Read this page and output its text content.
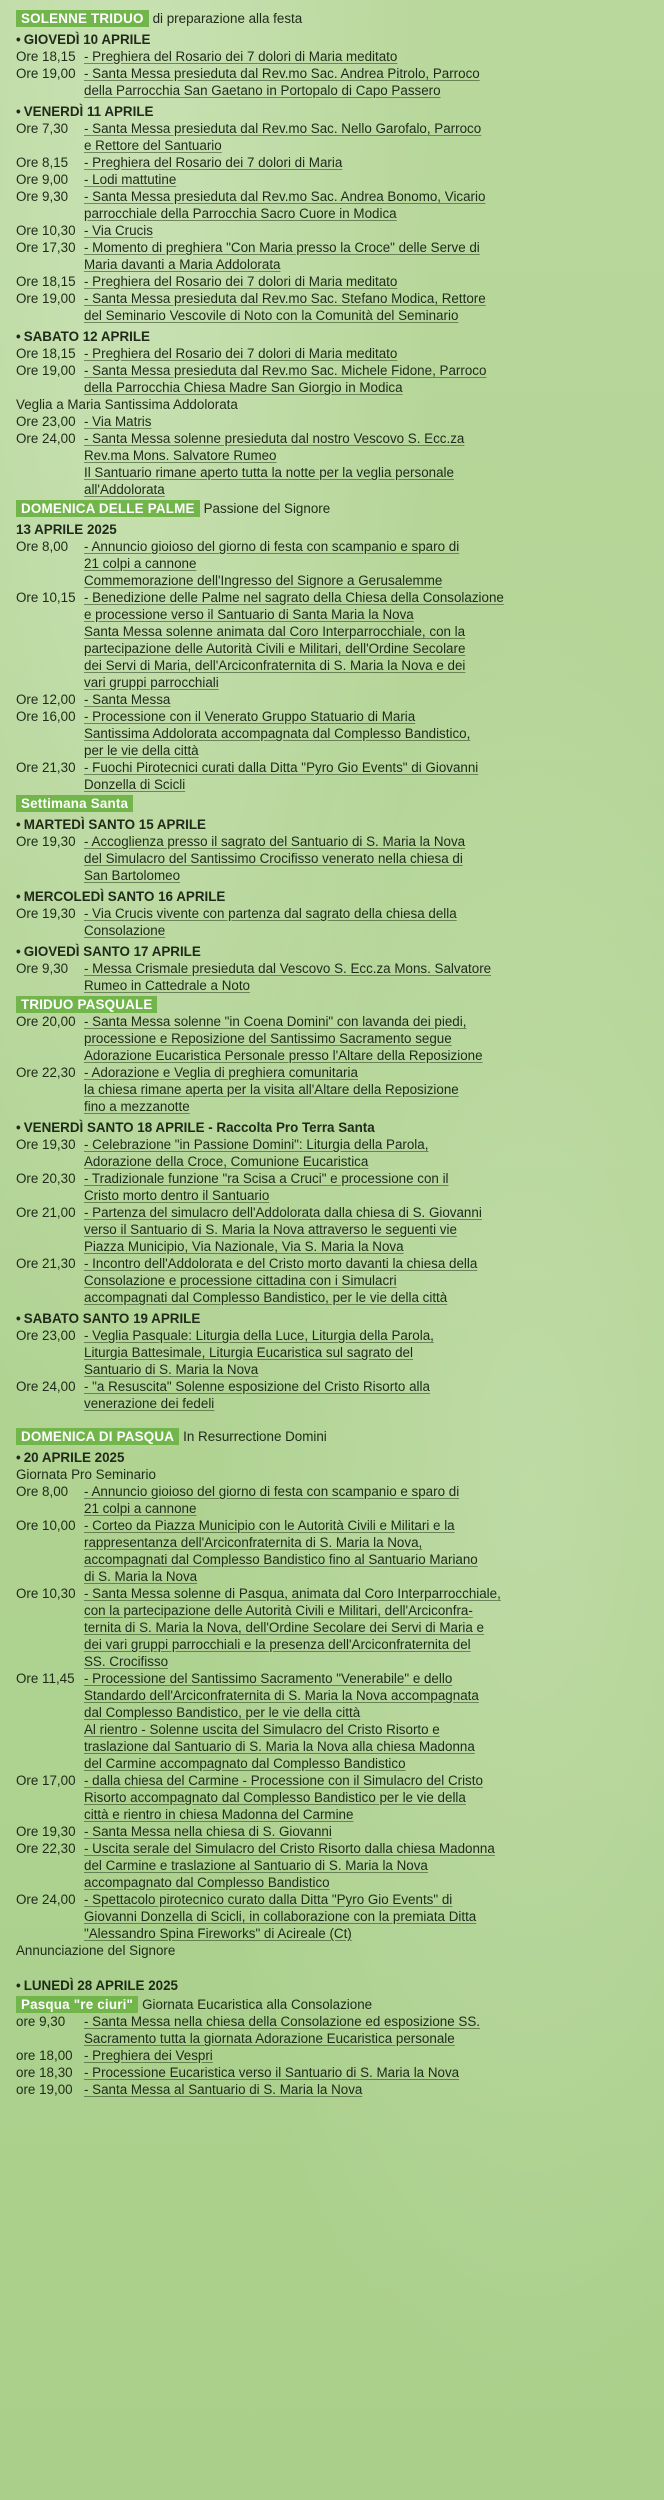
SOLENNE TRIDUO di preparazione alla festa
• GIOVEDÌ 10 APRILE
Ore 18,15 - Preghiera del Rosario dei 7 dolori di Maria meditato
Ore 19,00 - Santa Messa presieduta dal Rev.mo Sac. Andrea Pitrolo, Parroco
della Parrocchia San Gaetano in Portopalo di Capo Passero
• VENERDÌ 11 APRILE
Ore 7,30	- Santa Messa presieduta dal Rev.mo Sac. Nello Garofalo, Parroco
e Rettore del Santuario
Ore 8,15	- Preghiera del Rosario dei 7 dolori di Maria
Ore 9,00	- Lodi mattutine
Ore 9,30	- Santa Messa presieduta dal Rev.mo Sac. Andrea Bonomo, Vicario
parrocchiale della Parrocchia Sacro Cuore in Modica
Ore 10,30 - Via Crucis
Ore 17,30 - Momento di preghiera "Con Maria presso la Croce" delle Serve di
Maria davanti a Maria Addolorata
Ore 18,15 - Preghiera del Rosario dei 7 dolori di Maria meditato
Ore 19,00 - Santa Messa presieduta dal Rev.mo Sac. Stefano Modica, Rettore
del Seminario Vescovile di Noto con la Comunità del Seminario
• SABATO 12 APRILE
Ore 18,15 - Preghiera del Rosario dei 7 dolori di Maria meditato
Ore 19,00 - Santa Messa presieduta dal Rev.mo Sac. Michele Fidone, Parroco
della Parrocchia Chiesa Madre San Giorgio in Modica
Veglia a Maria Santissima Addolorata
Ore 23,00 - Via Matris
Ore 24,00 - Santa Messa solenne presieduta dal nostro Vescovo S. Ecc.za
Rev.ma Mons. Salvatore Rumeo
Il Santuario rimane aperto tutta la notte per la veglia personale
all'Addolorata
DOMENICA DELLE PALME Passione del Signore
13 APRILE 2025
Ore 8,00	- Annuncio gioioso del giorno di festa con scampanio e sparo di
21 colpi a cannone
Commemorazione dell'Ingresso del Signore a Gerusalemme
Ore 10,15 - Benedizione delle Palme nel sagrato della Chiesa della Consolazione
e processione verso il Santuario di Santa Maria la Nova
Santa Messa solenne animata dal Coro Interparrocchiale, con la
partecipazione delle Autorità Civili e Militari, dell'Ordine Secolare
dei Servi di Maria, dell'Arciconfraternita di S. Maria la Nova e dei
vari gruppi parrocchiali
Ore 12,00 - Santa Messa
Ore 16,00 - Processione con il Venerato Gruppo Statuario di Maria
Santissima Addolorata accompagnata dal Complesso Bandistico,
per le vie della città
Ore 21,30 - Fuochi Pirotecnici curati dalla Ditta "Pyro Gio Events" di Giovanni
Donzella di Scicli
Settimana Santa
• MARTEDÌ SANTO 15 APRILE
Ore 19,30 - Accoglienza presso il sagrato del Santuario di S. Maria la Nova
del Simulacro del Santissimo Crocifisso venerato nella chiesa di
San Bartolomeo
• MERCOLEDÌ SANTO 16 APRILE
Ore 19,30 - Via Crucis vivente con partenza dal sagrato della chiesa della
Consolazione
• GIOVEDÌ SANTO 17 APRILE
Ore 9,30	- Messa Crismale presieduta dal Vescovo S. Ecc.za Mons. Salvatore
Rumeo in Cattedrale a Noto
TRIDUO PASQUALE
Ore 20,00 - Santa Messa solenne "in Coena Domini" con lavanda dei piedi,
processione e Reposizione del Santissimo Sacramento segue
Adorazione Eucaristica Personale presso l'Altare della Reposizione
Ore 22,30 - Adorazione e Veglia di preghiera comunitaria
la chiesa rimane aperta per la visita all'Altare della Reposizione
fino a mezzanotte
• VENERDÌ SANTO 18 APRILE - Raccolta Pro Terra Santa
Ore 19,30 - Celebrazione "in Passione Domini": Liturgia della Parola,
Adorazione della Croce, Comunione Eucaristica
Ore 20,30 - Tradizionale funzione "ra Scisa a Cruci" e processione con il
Cristo morto dentro il Santuario
Ore 21,00 - Partenza del simulacro dell'Addolorata dalla chiesa di S. Giovanni
verso il Santuario di S. Maria la Nova attraverso le seguenti vie
Piazza Municipio, Via Nazionale, Via S. Maria la Nova
Ore 21,30 - Incontro dell'Addolorata e del Cristo morto davanti la chiesa della
Consolazione e processione cittadina con i Simulacri
accompagnati dal Complesso Bandistico, per le vie della città
• SABATO SANTO 19 APRILE
Ore 23,00 - Veglia Pasquale: Liturgia della Luce, Liturgia della Parola,
Liturgia Battesimale, Liturgia Eucaristica sul sagrato del
Santuario di S. Maria la Nova
Ore 24,00 - "a Resuscita" Solenne esposizione del Cristo Risorto alla
venerazione dei fedeli
DOMENICA DI PASQUA In Resurrectione Domini
• 20 APRILE 2025
Giornata Pro Seminario
Ore 8,00	- Annuncio gioioso del giorno di festa con scampanio e sparo di
21 colpi a cannone
Ore 10,00 - Corteo da Piazza Municipio con le Autorità Civili e Militari e la
rappresentanza dell'Arciconfraternita di S. Maria la Nova,
accompagnati dal Complesso Bandistico fino al Santuario Mariano
di S. Maria la Nova
Ore 10,30 - Santa Messa solenne di Pasqua, animata dal Coro Interparrocchiale,
con la partecipazione delle Autorità Civili e Militari, dell'Arciconfra-
ternita di S. Maria la Nova, dell'Ordine Secolare dei Servi di Maria e
dei vari gruppi parrocchiali e la presenza dell'Arciconfraternita del
SS. Crocifisso
Ore 11,45 - Processione del Santissimo Sacramento "Venerabile" e dello
Standardo dell'Arciconfraternita di S. Maria la Nova accompagnata
dal Complesso Bandistico, per le vie della città
Al rientro - Solenne uscita del Simulacro del Cristo Risorto e
traslazione dal Santuario di S. Maria la Nova alla chiesa Madonna
del Carmine accompagnato dal Complesso Bandistico
Ore 17,00 - dalla chiesa del Carmine - Processione con il Simulacro del Cristo
Risorto accompagnato dal Complesso Bandistico per le vie della
città e rientro in chiesa Madonna del Carmine
Ore 19,30 - Santa Messa nella chiesa di S. Giovanni
Ore 22,30 - Uscita serale del Simulacro del Cristo Risorto dalla chiesa Madonna
del Carmine e traslazione al Santuario di S. Maria la Nova
accompagnato dal Complesso Bandistico
Ore 24,00 - Spettacolo pirotecnico curato dalla Ditta "Pyro Gio Events" di
Giovanni Donzella di Scicli, in collaborazione con la premiata Ditta
"Alessandro Spina Fireworks" di Acireale (Ct)
Annunciazione del Signore
• LUNEDÌ 28 APRILE 2025
Pasqua "re ciuri" Giornata Eucaristica alla Consolazione
ore 9,30	- Santa Messa nella chiesa della Consolazione ed esposizione SS.
Sacramento tutta la giornata Adorazione Eucaristica personale
ore 18,00 - Preghiera dei Vespri
ore 18,30 - Processione Eucaristica verso il Santuario di S. Maria la Nova
ore 19,00 - Santa Messa al Santuario di S. Maria la Nova
